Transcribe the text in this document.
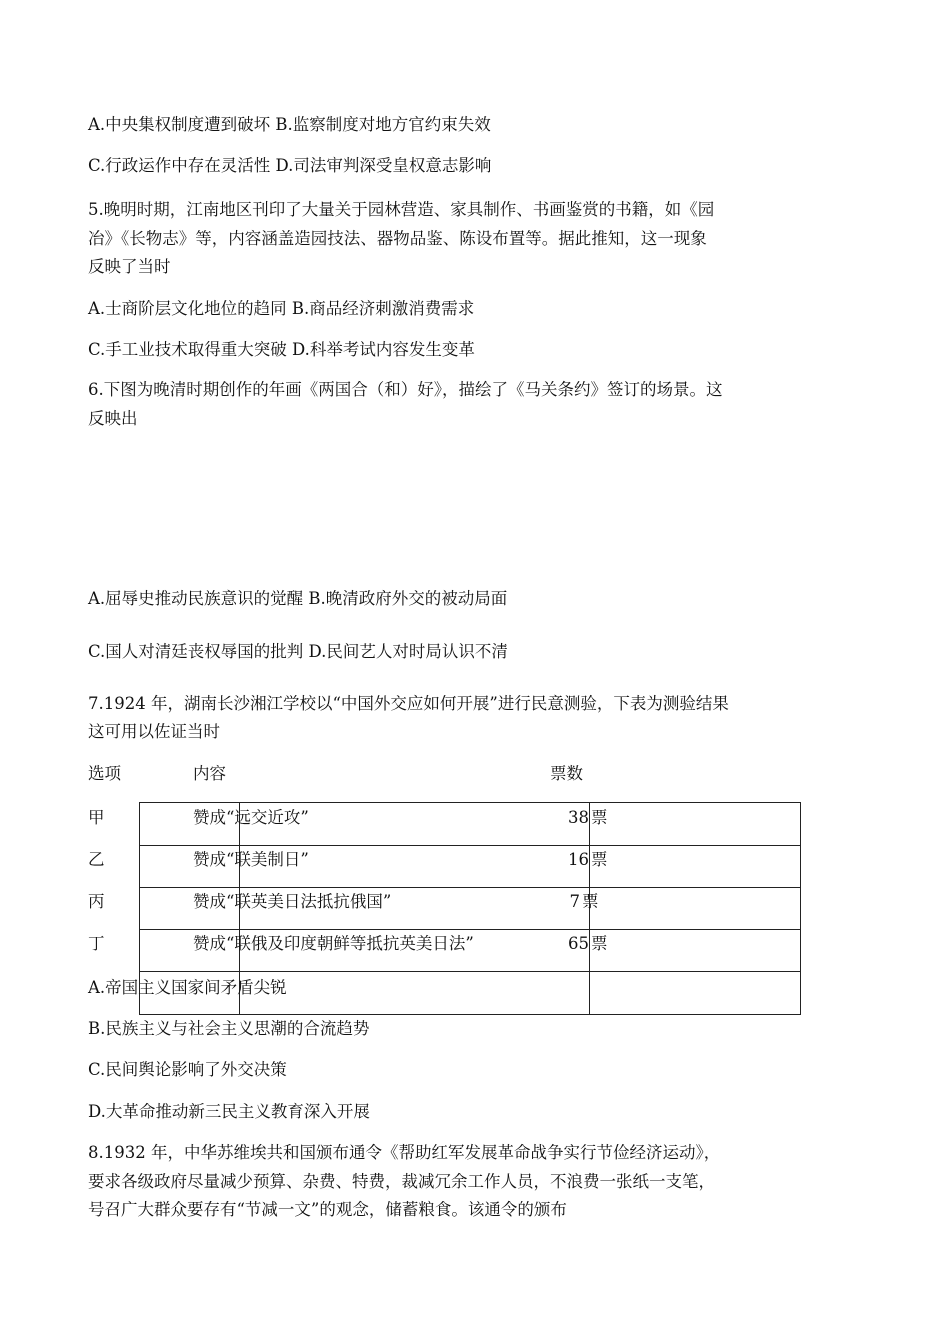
A.中央集权制度遭到破坏 B.监察制度对地方官约束失效
C.行政运作中存在灵活性 D.司法审判深受皇权意志影响
5.晚明时期，江南地区刊印了大量关于园林营造、家具制作、书画鉴赏的书籍，如《园
冶》《长物志》等，内容涵盖造园技法、器物品鉴、陈设布置等。据此推知，这一现象
反映了当时
A.士商阶层文化地位的趋同 B.商品经济刺激消费需求
C.手工业技术取得重大突破 D.科举考试内容发生变革
6.下图为晚清时期创作的年画《两国合（和）好》，描绘了《马关条约》签订的场景。这
反映出
A.屈辱史推动民族意识的觉醒 B.晚清政府外交的被动局面
C.国人对清廷丧权辱国的批判 D.民间艺人对时局认识不清
7.1924 年，湖南长沙湘江学校以“中国外交应如何开展”进行民意测验，下表为测验结果
这可用以佐证当时
选项	内容	票数
甲	赞成“远交近攻”	38 票
乙	赞成“联美制日”	16 票
丙	赞成“联英美日法抵抗俄国”	7 票
丁	赞成“联俄及印度朝鲜等抵抗英美日法”	65 票
A.帝国主义国家间矛盾尖锐
B.民族主义与社会主义思潮的合流趋势
C.民间舆论影响了外交决策
D.大革命推动新三民主义教育深入开展
8.1932 年，中华苏维埃共和国颁布通令《帮助红军发展革命战争实行节俭经济运动》，
要求各级政府尽量减少预算、杂费、特费，裁减冗余工作人员，不浪费一张纸一支笔，
号召广大群众要存有“节减一文”的观念，储蓄粮食。该通令的颁布
